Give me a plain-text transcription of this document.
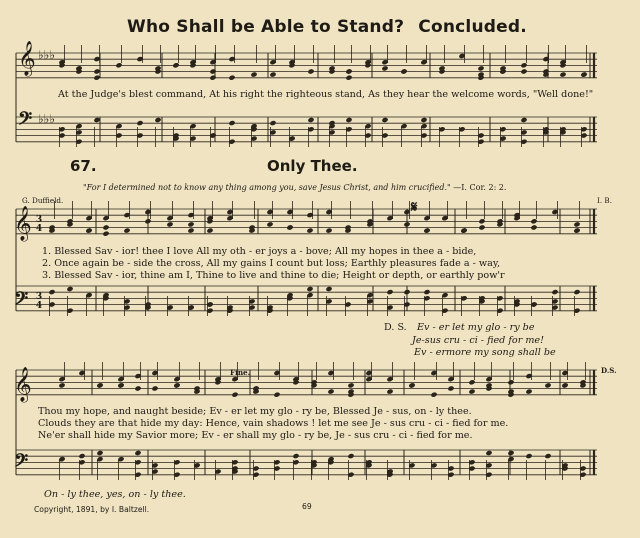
Who Shall be Able to Stand? Concluded.
𝄞 ♭♭♭
𝄢 ♭♭♭
At the Judge's blest command, At his right the righteous stand, As they hear the welcome words, "Well done!"
67.	Only Thee.
"For I determined not to know any thing among you, save Jesus Christ, and him crucified." —I. Cor. 2: 2.
G. Duffield.	I. B.
𝄞 3
4
𝄢 3
4
𝄋
1. Blessed Sav - ior! thee I love All my oth - er joys a - bove; All my hopes in thee a - bide,
2. Once again be - side the cross, All my gains I count but loss; Earthly pleasures fade a - way,
3. Blessed Sav - ior, thine am I, Thine to live and thine to die; Height or depth, or earthly pow'r
D. S. Ev - er let my glo - ry be
Je-sus cru - ci - fied for me!
Ev - ermore my song shall be
𝄞
𝄢
Fine.	D.S.
Thou my hope, and naught beside; Ev - er let my glo - ry be, Blessed Je - sus, on - ly thee.
Clouds they are that hide my day: Hence, vain shadows ! let me see Je - sus cru - ci - fied for me.
Ne'er shall hide my Savior more; Ev - er shall my glo - ry be, Je - sus cru - ci - fied for me.
On - ly thee, yes, on - ly thee.
Copyright, 1891, by I. Baltzell.	69
